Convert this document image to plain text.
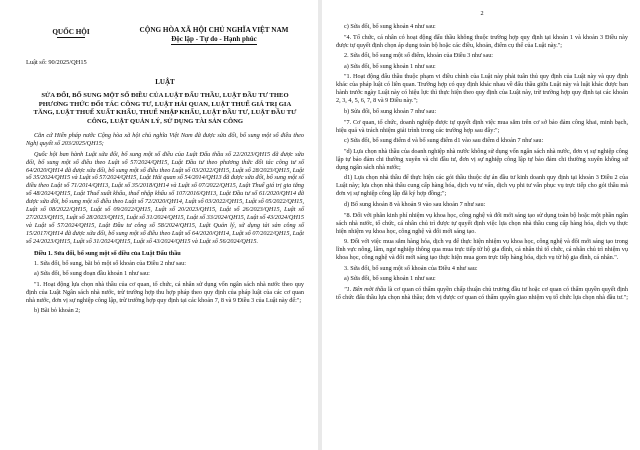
QUỐC HỘI	CỘNG HÒA XÃ HỘI CHỦ NGHĨA VIỆT NAM
Độc lập - Tự do - Hạnh phúc
Luật số: 90/2025/QH15
LUẬT
SỬA ĐỔI, BỔ SUNG MỘT SỐ ĐIỀU CỦA LUẬT ĐẤU THẦU, LUẬT ĐẦU TƯ THEO PHƯƠNG THỨC ĐỐI TÁC CÔNG TƯ, LUẬT HẢI QUAN, LUẬT THUẾ GIÁ TRỊ GIA TĂNG, LUẬT THUẾ XUẤT KHẨU, THUẾ NHẬP KHẨU, LUẬT ĐẦU TƯ, LUẬT ĐẦU TƯ CÔNG, LUẬT QUẢN LÝ, SỬ DỤNG TÀI SẢN CÔNG
Căn cứ Hiến pháp nước Cộng hòa xã hội chủ nghĩa Việt Nam đã được sửa đổi, bổ sung một số điều theo Nghị quyết số 203/2025/QH15;
Quốc hội ban hành Luật sửa đổi, bổ sung một số điều của Luật Đấu thầu số 22/2023/QH15 đã được sửa đổi, bổ sung một số điều theo Luật số 57/2024/QH15, Luật Đầu tư theo phương thức đối tác công tư số 64/2020/QH14 đã được sửa đổi, bổ sung một số điều theo Luật số 03/2022/QH15, Luật số 28/2023/QH15, Luật số 35/2024/QH15 và Luật số 57/2024/QH15, Luật Hải quan số 54/2014/QH13 đã được sửa đổi, bổ sung một số điều theo Luật số 71/2014/QH13, Luật số 35/2018/QH14 và Luật số 07/2022/QH15, Luật Thuế giá trị gia tăng số 48/2024/QH15, Luật Thuế xuất khẩu, thuế nhập khẩu số 107/2016/QH13, Luật Đầu tư số 61/2020/QH14 đã được sửa đổi, bổ sung một số điều theo Luật số 72/2020/QH14, Luật số 03/2022/QH15, Luật số 05/2022/QH15, Luật số 08/2022/QH15, Luật số 09/2022/QH15, Luật số 20/2023/QH15, Luật số 26/2023/QH15, Luật số 27/2023/QH15, Luật số 28/2023/QH15, Luật số 31/2024/QH15, Luật số 33/2024/QH15, Luật số 43/2024/QH15 và Luật số 57/2024/QH15, Luật Đầu tư công số 58/2024/QH15, Luật Quản lý, sử dụng tài sản công số 15/2017/QH14 đã được sửa đổi, bổ sung một số điều theo Luật số 64/2020/QH14, Luật số 07/2022/QH15, Luật số 24/2023/QH15, Luật số 31/2024/QH15, Luật số 43/2024/QH15 và Luật số 56/2024/QH15.
Điều 1. Sửa đổi, bổ sung một số điều của Luật Đấu thầu
1. Sửa đổi, bổ sung, bãi bỏ một số khoản của Điều 2 như sau:
a) Sửa đổi, bổ sung đoạn đầu khoản 1 như sau:
"1. Hoạt động lựa chọn nhà thầu của cơ quan, tổ chức, cá nhân sử dụng vốn ngân sách nhà nước theo quy định của Luật Ngân sách nhà nước, trừ trường hợp thu hợp pháp theo quy định của pháp luật của các cơ quan nhà nước, đơn vị sự nghiệp công lập, trừ trường hợp quy định tại các khoản 7, 8 và 9 Điều 3 của Luật này để:";
b) Bãi bỏ khoản 2;
2
c) Sửa đổi, bổ sung khoản 4 như sau:
"4. Tổ chức, cá nhân có hoạt động đấu thầu không thuộc trường hợp quy định tại khoản 1 và khoản 3 Điều này được tự quyết định chọn áp dụng toàn bộ hoặc các điều, khoản, điểm cụ thể của Luật này.";
2. Sửa đổi, bổ sung một số điểm, khoản của Điều 3 như sau:
a) Sửa đổi, bổ sung khoản 1 như sau:
"1. Hoạt động đấu thầu thuộc phạm vi điều chỉnh của Luật này phải tuân thủ quy định của Luật này và quy định khác của pháp luật có liên quan. Trường hợp có quy định khác nhau về đấu thầu giữa Luật này và luật khác được ban hành trước ngày Luật này có hiệu lực thì thực hiện theo quy định của Luật này, trừ trường hợp quy định tại các khoản 2, 3, 4, 5, 6, 7, 8 và 9 Điều này.";
b) Sửa đổi, bổ sung khoản 7 như sau:
"7. Cơ quan, tổ chức, doanh nghiệp được tự quyết định việc mua sắm trên cơ sở bảo đảm công khai, minh bạch, hiệu quả và trách nhiệm giải trình trong các trường hợp sau đây:";
c) Sửa đổi, bổ sung điểm d và bổ sung điểm d1 vào sau điểm d khoản 7 như sau:
"d) Lựa chọn nhà thầu của doanh nghiệp nhà nước không sử dụng vốn ngân sách nhà nước, đơn vị sự nghiệp công lập tự bảo đảm chi thường xuyên và chi đầu tư, đơn vị sự nghiệp công lập tự bảo đảm chi thường xuyên không sử dụng ngân sách nhà nước;
d1) Lựa chọn nhà thầu để thực hiện các gói thầu thuộc dự án đầu tư kinh doanh quy định tại khoản 3 Điều 2 của Luật này; lựa chọn nhà thầu cung cấp hàng hóa, dịch vụ tư vấn, dịch vụ phi tư vấn phục vụ trực tiếp cho gói thầu mà đơn vị sự nghiệp công lập đã ký hợp đồng;";
d) Bổ sung khoản 8 và khoản 9 vào sau khoản 7 như sau:
"8. Đối với phân kinh phí nhiệm vụ khoa học, công nghệ và đổi mới sáng tạo sử dụng toàn bộ hoặc một phần ngân sách nhà nước, tổ chức, cá nhân chủ trì được tự quyết định việc lựa chọn nhà thầu cung cấp hàng hóa, dịch vụ thực hiện nhiệm vụ khoa học, công nghệ và đổi mới sáng tạo.
9. Đối với việc mua sắm hàng hóa, dịch vụ để thực hiện nhiệm vụ khoa học, công nghệ và đổi mới sáng tạo trong lĩnh vực nông, lâm, ngư nghiệp thông qua mua trực tiếp từ hộ gia đình, cá nhân thì tổ chức, cá nhân chủ trì nhiệm vụ khoa học, công nghệ và đổi mới sáng tạo thực hiện mua gom trực tiếp hàng hóa, dịch vụ từ hộ gia đình, cá nhân.".
3. Sửa đổi, bổ sung một số khoản của Điều 4 như sau:
a) Sửa đổi, bổ sung khoản 1 như sau:
"1. Bên mời thầu là cơ quan có thẩm quyền chấp thuận chủ trương đầu tư hoặc cơ quan có thẩm quyền quyết định tổ chức đấu thầu lựa chọn nhà thầu; đơn vị được cơ quan có thẩm quyền giao nhiệm vụ tổ chức lựa chọn nhà đầu tư.";
